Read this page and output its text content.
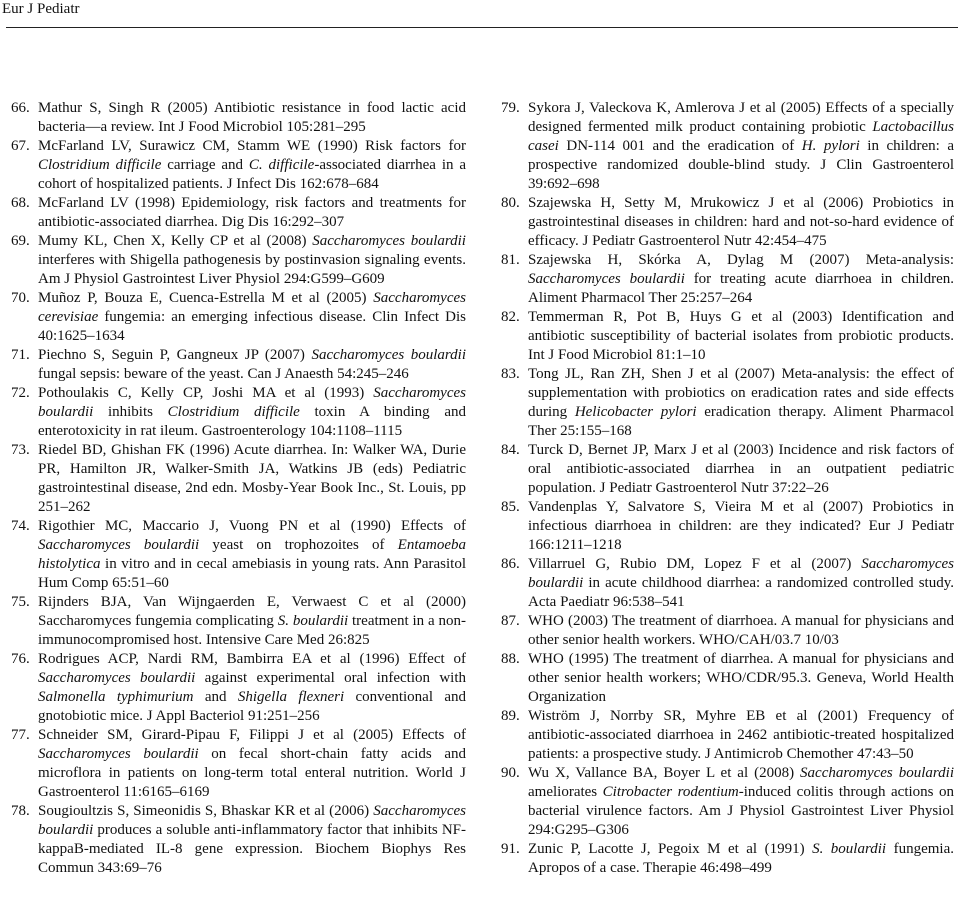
Eur J Pediatr

66. Mathur S, Singh R (2005) Antibiotic resistance in food lactic acid bacteria—a review. Int J Food Microbiol 105:281–295

67. McFarland LV, Surawicz CM, Stamm WE (1990) Risk factors for Clostridium difficile carriage and C. difficile-associated diarrhea in a cohort of hospitalized patients. J Infect Dis 162:678–684

68. McFarland LV (1998) Epidemiology, risk factors and treatments for antibiotic-associated diarrhea. Dig Dis 16:292–307

69. Mumy KL, Chen X, Kelly CP et al (2008) Saccharomyces boulardii interferes with Shigella pathogenesis by postinvasion signaling events. Am J Physiol Gastrointest Liver Physiol 294:G599–G609

70. Muñoz P, Bouza E, Cuenca-Estrella M et al (2005) Saccharomyces cerevisiae fungemia: an emerging infectious disease. Clin Infect Dis 40:1625–1634

71. Piechno S, Seguin P, Gangneux JP (2007) Saccharomyces boulardii fungal sepsis: beware of the yeast. Can J Anaesth 54:245–246

72. Pothoulakis C, Kelly CP, Joshi MA et al (1993) Saccharomyces boulardii inhibits Clostridium difficile toxin A binding and enterotoxicity in rat ileum. Gastroenterology 104:1108–1115

73. Riedel BD, Ghishan FK (1996) Acute diarrhea. In: Walker WA, Durie PR, Hamilton JR, Walker-Smith JA, Watkins JB (eds) Pediatric gastrointestinal disease, 2nd edn. Mosby-Year Book Inc., St. Louis, pp 251–262

74. Rigothier MC, Maccario J, Vuong PN et al (1990) Effects of Saccharomyces boulardii yeast on trophozoites of Entamoeba histolytica in vitro and in cecal amebiasis in young rats. Ann Parasitol Hum Comp 65:51–60

75. Rijnders BJA, Van Wijngaerden E, Verwaest C et al (2000) Saccharomyces fungemia complicating S. boulardii treatment in a non-immunocompromised host. Intensive Care Med 26:825

76. Rodrigues ACP, Nardi RM, Bambirra EA et al (1996) Effect of Saccharomyces boulardii against experimental oral infection with Salmonella typhimurium and Shigella flexneri conventional and gnotobiotic mice. J Appl Bacteriol 91:251–256

77. Schneider SM, Girard-Pipau F, Filippi J et al (2005) Effects of Saccharomyces boulardii on fecal short-chain fatty acids and microflora in patients on long-term total enteral nutrition. World J Gastroenterol 11:6165–6169

78. Sougioultzis S, Simeonidis S, Bhaskar KR et al (2006) Saccharomyces boulardii produces a soluble anti-inflammatory factor that inhibits NF-kappaB-mediated IL-8 gene expression. Biochem Biophys Res Commun 343:69–76

79. Sykora J, Valeckova K, Amlerova J et al (2005) Effects of a specially designed fermented milk product containing probiotic Lactobacillus casei DN-114 001 and the eradication of H. pylori in children: a prospective randomized double-blind study. J Clin Gastroenterol 39:692–698

80. Szajewska H, Setty M, Mrukowicz J et al (2006) Probiotics in gastrointestinal diseases in children: hard and not-so-hard evidence of efficacy. J Pediatr Gastroenterol Nutr 42:454–475

81. Szajewska H, Skórka A, Dylag M (2007) Meta-analysis: Saccharomyces boulardii for treating acute diarrhoea in children. Aliment Pharmacol Ther 25:257–264

82. Temmerman R, Pot B, Huys G et al (2003) Identification and antibiotic susceptibility of bacterial isolates from probiotic products. Int J Food Microbiol 81:1–10

83. Tong JL, Ran ZH, Shen J et al (2007) Meta-analysis: the effect of supplementation with probiotics on eradication rates and side effects during Helicobacter pylori eradication therapy. Aliment Pharmacol Ther 25:155–168

84. Turck D, Bernet JP, Marx J et al (2003) Incidence and risk factors of oral antibiotic-associated diarrhea in an outpatient pediatric population. J Pediatr Gastroenterol Nutr 37:22–26

85. Vandenplas Y, Salvatore S, Vieira M et al (2007) Probiotics in infectious diarrhoea in children: are they indicated? Eur J Pediatr 166:1211–1218

86. Villarruel G, Rubio DM, Lopez F et al (2007) Saccharomyces boulardii in acute childhood diarrhea: a randomized controlled study. Acta Paediatr 96:538–541

87. WHO (2003) The treatment of diarrhoea. A manual for physicians and other senior health workers. WHO/CAH/03.7 10/03

88. WHO (1995) The treatment of diarrhea. A manual for physicians and other senior health workers; WHO/CDR/95.3. Geneva, World Health Organization

89. Wiström J, Norrby SR, Myhre EB et al (2001) Frequency of antibiotic-associated diarrhoea in 2462 antibiotic-treated hospitalized patients: a prospective study. J Antimicrob Chemother 47:43–50

90. Wu X, Vallance BA, Boyer L et al (2008) Saccharomyces boulardii ameliorates Citrobacter rodentium-induced colitis through actions on bacterial virulence factors. Am J Physiol Gastrointest Liver Physiol 294:G295–G306

91. Zunic P, Lacotte J, Pegoix M et al (1991) S. boulardii fungemia. Apropos of a case. Therapie 46:498–499
